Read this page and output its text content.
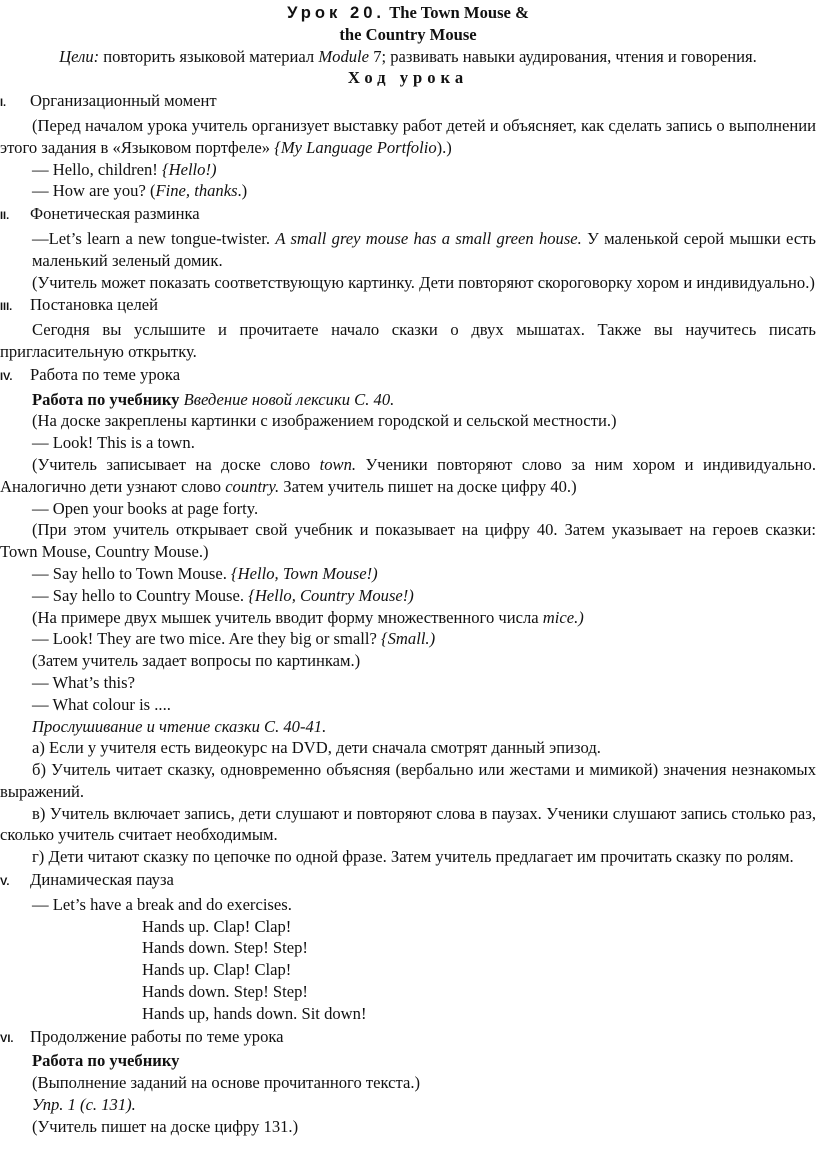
Урок 20. The Town Mouse &
the Country Mouse
Цели: повторить языковой материал Module 7; развивать навыки аудирования, чтения и говорения.
Ход урока
I.	Организационный момент

(Перед началом урока учитель организует выставку работ детей и объясняет, как сделать запись о выполнении этого задания в «Языковом портфеле» {My Language Portfolio).)

— Hello, children! {Hello!)
— How are you? (Fine, thanks.)
II.	Фонетическая разминка

—Let’s learn a new tongue-twister. A small grey mouse has a small green house. У маленькой серой мышки есть маленький зеленый домик.

(Учитель может показать соответствующую картинку. Дети повторяют скороговорку хором и индивидуально.)

III.	Постановка целей

Сегодня вы услышите и прочитаете начало сказки о двух мышатах. Также вы научитесь писать пригласительную открытку.

IV.	Работа по теме урока
Работа по учебнику Введение новой лексики С. 40.

(На доске закреплены картинки с изображением городской и сельской местности.)

— Look! This is a town.

(Учитель записывает на доске слово town. Ученики повторяют слово за ним хором и индивидуально. Аналогично дети узнают слово country. Затем учитель пишет на доске цифру 40.)

— Open your books at page forty.

(При этом учитель открывает свой учебник и показывает на цифру 40. Затем указывает на героев сказки: Town Mouse, Country Mouse.)

— Say hello to Town Mouse. {Hello, Town Mouse!)
— Say hello to Country Mouse. {Hello, Country Mouse!)

(На примере двух мышек учитель вводит форму множественного числа mice.)

— Look! They are two mice. Are they big or small? {Small.)

(Затем учитель задает вопросы по картинкам.)

— What’s this?
— What colour is ....
Прослушивание и чтение сказки С. 40-41.

а) Если у учителя есть видеокурс на DVD, дети сначала смотрят данный эпизод.

б) Учитель читает сказку, одновременно объясняя (вербально или жестами и мимикой) значения незнакомых выражений.

в) Учитель включает запись, дети слушают и повторяют слова в паузах. Ученики слушают запись столько раз, сколько учитель считает необходимым.

г) Дети читают сказку по цепочке по одной фразе. Затем учитель предлагает им прочитать сказку по ролям.

V.	Динамическая пауза
— Let’s have a break and do exercises.
Hands up. Clap! Clap!
Hands down. Step! Step!
Hands up. Clap! Clap!
Hands down. Step! Step!
Hands up, hands down. Sit down!
VI. Продолжение работы по теме урока
Работа по учебнику
(Выполнение заданий на основе прочитанного текста.)
Упр. 1 (с. 131).
(Учитель пишет на доске цифру 131.)
